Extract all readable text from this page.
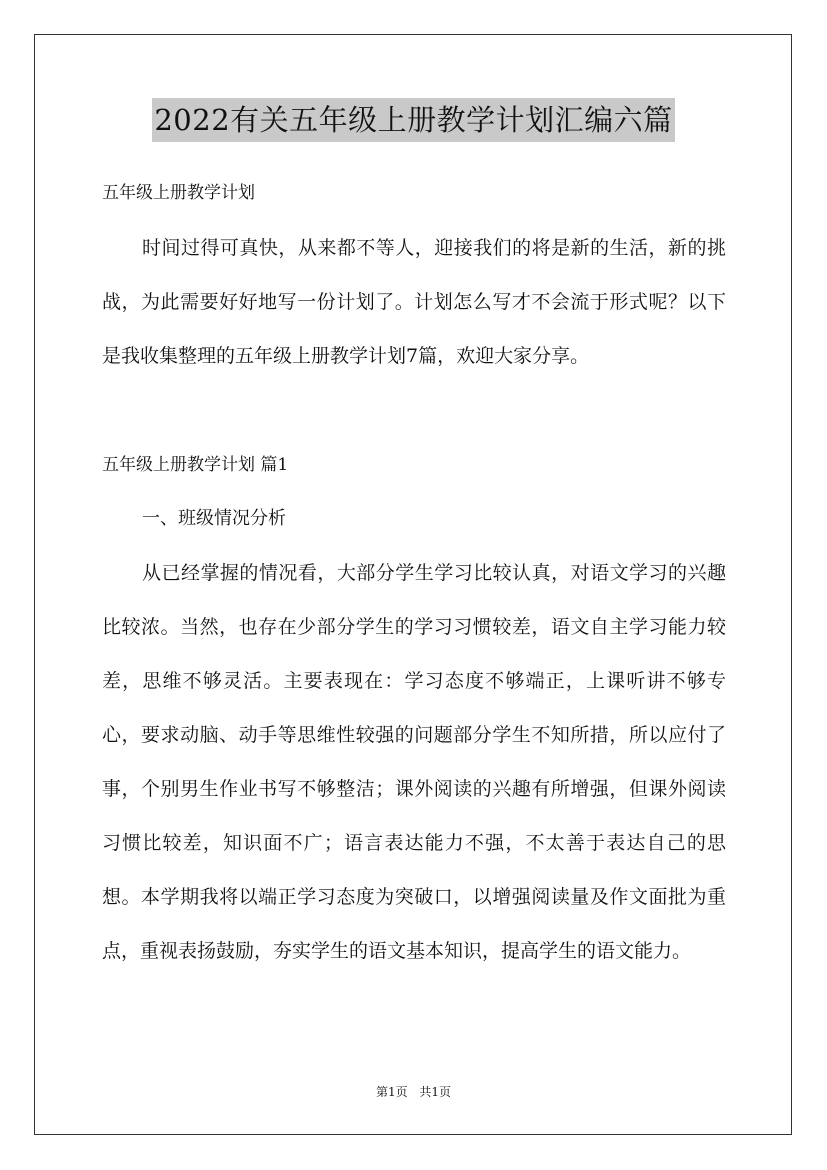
2022有关五年级上册教学计划汇编六篇
五年级上册教学计划

时间过得可真快，从来都不等人，迎接我们的将是新的生活，新的挑战，为此需要好好地写一份计划了。计划怎么写才不会流于形式呢？以下是我收集整理的五年级上册教学计划7篇，欢迎大家分享。

五年级上册教学计划 篇1
一、班级情况分析

从已经掌握的情况看，大部分学生学习比较认真，对语文学习的兴趣比较浓。当然，也存在少部分学生的学习习惯较差，语文自主学习能力较差，思维不够灵活。主要表现在：学习态度不够端正，上课听讲不够专心，要求动脑、动手等思维性较强的问题部分学生不知所措，所以应付了事，个别男生作业书写不够整洁；课外阅读的兴趣有所增强，但课外阅读习惯比较差，知识面不广；语言表达能力不强，不太善于表达自己的思想。本学期我将以端正学习态度为突破口，以增强阅读量及作文面批为重点，重视表扬鼓励，夯实学生的语文基本知识，提高学生的语文能力。

第1页 共1页
